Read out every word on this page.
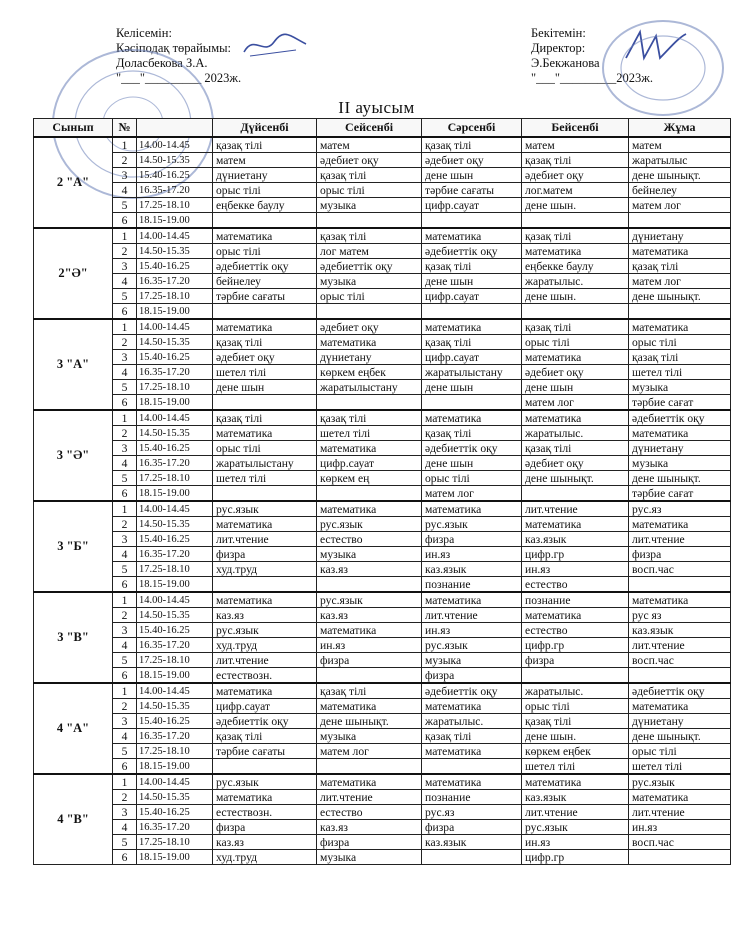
Келісемін:
Кәсіподақ төрайымы:
Доласбекова З.А.
"___"_________ 2023ж.
Бекітемін:
Директор:
Э.Бекжанова
"___"_________2023ж.
II ауысым
Сынып	№		Дүйсенбі	Сейсенбі	Сәрсенбі	Бейсенбі	Жұма
2 "А"	1	14.00-14.45	қазақ тілі	матем	қазақ тілі	матем	матем
	2	14.50-15.35	матем	әдебиет оқу	әдебиет оқу	қазақ тілі	жаратылыс
	3	15.40-16.25	дүниетану	қазақ тілі	дене шын	әдебиет оқу	дене шынықт.
	4	16.35-17.20	орыс тілі	орыс тілі	тәрбие сағаты	лог.матем	бейнелеу
	5	17.25-18.10	еңбекке баулу	музыка	цифр.сауат	дене шын.	матем лог
	6	18.15-19.00					
2"Ә"	1	14.00-14.45	математика	қазақ тілі	математика	қазақ тілі	дүниетану
	2	14.50-15.35	орыс тілі	лог матем	әдебиеттік оқу	математика	математика
	3	15.40-16.25	әдебиеттік оқу	әдебиеттік оқу	қазақ тілі	еңбекке баулу	қазақ тілі
	4	16.35-17.20	бейнелеу	музыка	дене шын	жаратылыс.	матем лог
	5	17.25-18.10	тәрбие сағаты	орыс тілі	цифр.сауат	дене шын.	дене шынықт.
	6	18.15-19.00					
3 "А"	1	14.00-14.45	математика	әдебиет оқу	математика	қазақ тілі	математика
	2	14.50-15.35	қазақ тілі	математика	қазақ тілі	орыс тілі	орыс тілі
	3	15.40-16.25	әдебиет оқу	дүниетану	цифр.сауат	математика	қазақ тілі
	4	16.35-17.20	шетел тілі	көркем еңбек	жаратылыстану	әдебиет оқу	шетел тілі
	5	17.25-18.10	дене шын	жаратылыстану	дене шын	дене шын	музыка
	6	18.15-19.00				матем лог	тәрбие сағат
3 "Ә"	1	14.00-14.45	қазақ тілі	қазақ тілі	математика	математика	әдебиеттік оқу
	2	14.50-15.35	математика	шетел тілі	қазақ тілі	жаратылыс.	математика
	3	15.40-16.25	орыс тілі	математика	әдебиеттік оқу	қазақ тілі	дүниетану
	4	16.35-17.20	жаратылыстану	цифр.сауат	дене шын	әдебиет оқу	музыка
	5	17.25-18.10	шетел тілі	көркем ең	орыс тілі	дене шынықт.	дене шынықт.
	6	18.15-19.00			матем лог		тәрбие сағат
3 "Б"	1	14.00-14.45	рус.язык	математика	математика	лит.чтение	рус.яз
	2	14.50-15.35	математика	рус.язык	рус.язык	математика	математика
	3	15.40-16.25	лит.чтение	естество	физра	каз.язык	лит.чтение
	4	16.35-17.20	физра	музыка	ин.яз	цифр.гр	физра
	5	17.25-18.10	худ.труд	каз.яз	каз.язык	ин.яз	восп.час
	6	18.15-19.00			познание	естество	
3 "В"	1	14.00-14.45	математика	рус.язык	математика	познание	математика
	2	14.50-15.35	каз.яз	каз.яз	лит.чтение	математика	рус яз
	3	15.40-16.25	рус.язык	математика	ин.яз	естество	каз.язык
	4	16.35-17.20	худ.труд	ин.яз	рус.язык	цифр.гр	лит.чтение
	5	17.25-18.10	лит.чтение	физра	музыка	физра	восп.час
	6	18.15-19.00	естествозн.		физра		
4 "А"	1	14.00-14.45	математика	қазақ тілі	әдебиеттік оқу	жаратылыс.	әдебиеттік оқу
	2	14.50-15.35	цифр.сауат	математика	математика	орыс тілі	математика
	3	15.40-16.25	әдебиеттік оқу	дене шынықт.	жаратылыс.	қазақ тілі	дүниетану
	4	16.35-17.20	қазақ тілі	музыка	қазақ тілі	дене шын.	дене шынықт.
	5	17.25-18.10	тәрбие сағаты	матем лог	математика	көркем еңбек	орыс тілі
	6	18.15-19.00				шетел тілі	шетел тілі
4 "В"	1	14.00-14.45	рус.язык	математика	математика	математика	рус.язык
	2	14.50-15.35	математика	лит.чтение	познание	каз.язык	математика
	3	15.40-16.25	естествозн.	естество	рус.яз	лит.чтение	лит.чтение
	4	16.35-17.20	физра	каз.яз	физра	рус.язык	ин.яз
	5	17.25-18.10	каз.яз	физра	каз.язык	ин.яз	восп.час
	6	18.15-19.00	худ.труд	музыка		цифр.гр	
